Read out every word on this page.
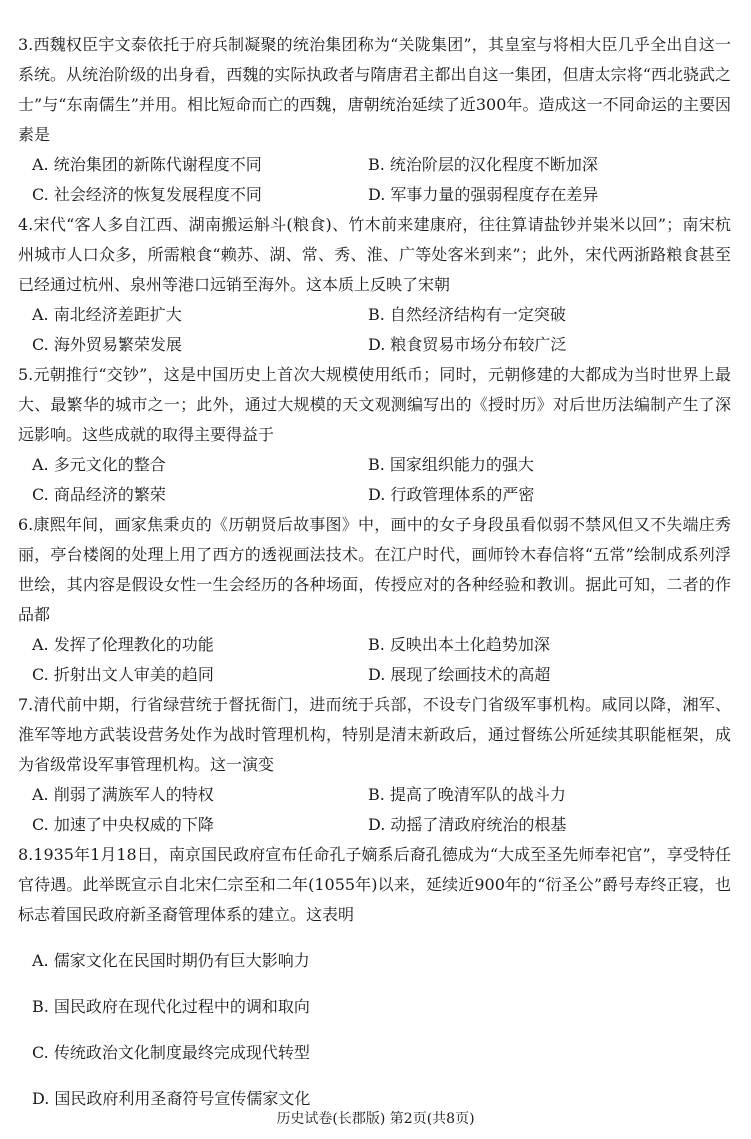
3.西魏权臣宇文泰依托于府兵制凝聚的统治集团称为“关陇集团”，其皇室与将相大臣几乎全出自这一系统。从统治阶级的出身看，西魏的实际执政者与隋唐君主都出自这一集团，但唐太宗将“西北骁武之士”与“东南儒生”并用。相比短命而亡的西魏，唐朝统治延续了近300年。造成这一不同命运的主要因素是

A. 统治集团的新陈代谢程度不同	B. 统治阶层的汉化程度不断加深

C. 社会经济的恢复发展程度不同	D. 军事力量的强弱程度存在差异

4.宋代“客人多自江西、湖南搬运斛斗(粮食)、竹木前来建康府，往往算请盐钞并粜米以回”；南宋杭州城市人口众多，所需粮食“赖苏、湖、常、秀、淮、广等处客米到来”；此外，宋代两浙路粮食甚至已经通过杭州、泉州等港口远销至海外。这本质上反映了宋朝

A. 南北经济差距扩大	B. 自然经济结构有一定突破

C. 海外贸易繁荣发展	D. 粮食贸易市场分布较广泛

5.元朝推行“交钞”，这是中国历史上首次大规模使用纸币；同时，元朝修建的大都成为当时世界上最大、最繁华的城市之一；此外，通过大规模的天文观测编写出的《授时历》对后世历法编制产生了深远影响。这些成就的取得主要得益于

A. 多元文化的整合	B. 国家组织能力的强大

C. 商品经济的繁荣	D. 行政管理体系的严密

6.康熙年间，画家焦秉贞的《历朝贤后故事图》中，画中的女子身段虽看似弱不禁风但又不失端庄秀丽，亭台楼阁的处理上用了西方的透视画法技术。在江户时代，画师铃木春信将“五常”绘制成系列浮世绘，其内容是假设女性一生会经历的各种场面，传授应对的各种经验和教训。据此可知，二者的作品都

A. 发挥了伦理教化的功能	B. 反映出本土化趋势加深

C. 折射出文人审美的趋同	D. 展现了绘画技术的高超

7.清代前中期，行省绿营统于督抚衙门，进而统于兵部，不设专门省级军事机构。咸同以降，湘军、淮军等地方武装设营务处作为战时管理机构，特别是清末新政后，通过督练公所延续其职能框架，成为省级常设军事管理机构。这一演变

A. 削弱了满族军人的特权	B. 提高了晚清军队的战斗力

C. 加速了中央权威的下降	D. 动摇了清政府统治的根基

8.1935年1月18日，南京国民政府宣布任命孔子嫡系后裔孔德成为“大成至圣先师奉祀官”，享受特任官待遇。此举既宣示自北宋仁宗至和二年(1055年)以来，延续近900年的“衍圣公”爵号寿终正寝，也标志着国民政府新圣裔管理体系的建立。这表明

A. 儒家文化在民国时期仍有巨大影响力

B. 国民政府在现代化过程中的调和取向

C. 传统政治文化制度最终完成现代转型

D. 国民政府利用圣裔符号宣传儒家文化

历史试卷(长郡版) 第2页(共8页)
